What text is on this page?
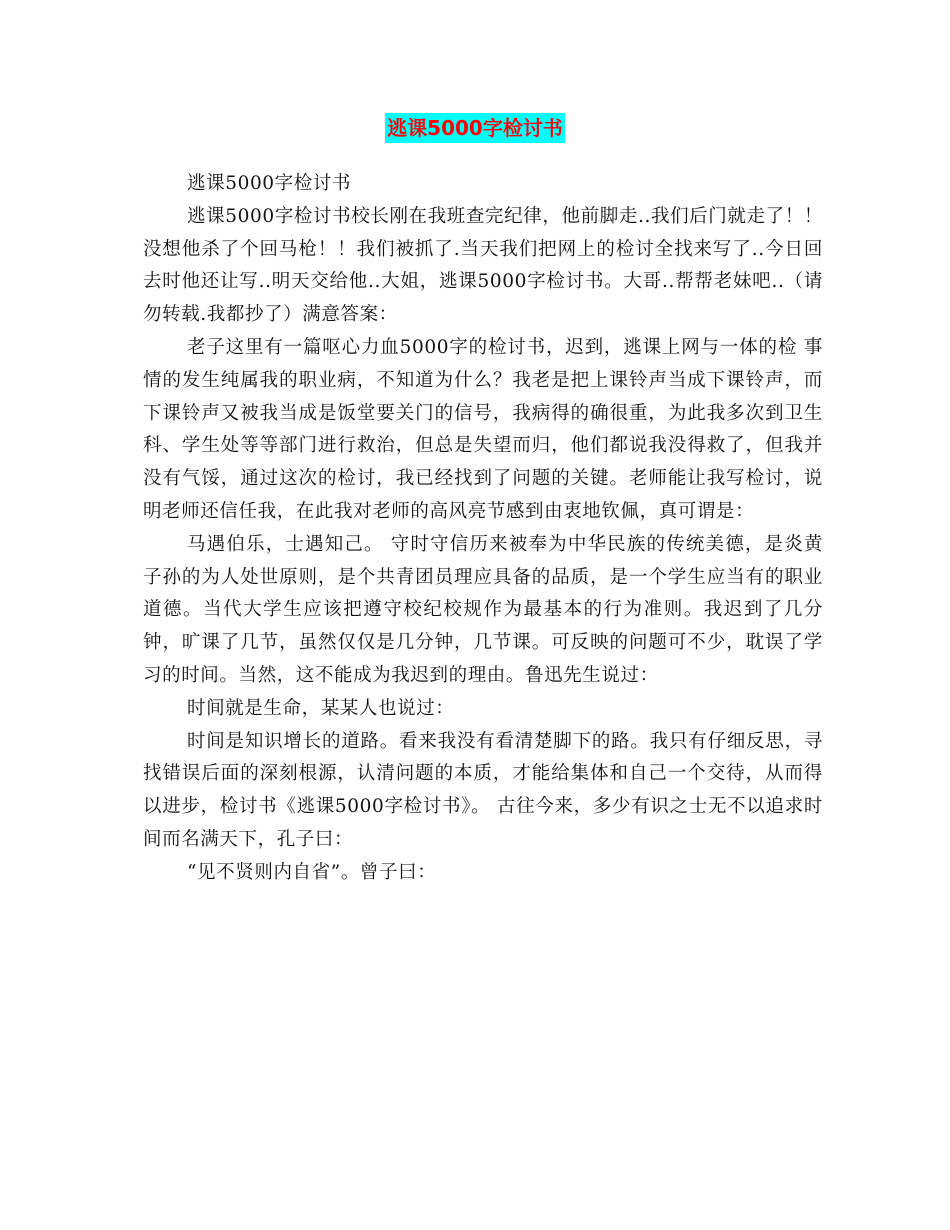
逃课5000字检讨书

逃课5000字检讨书

逃课5000字检讨书校长刚在我班查完纪律，他前脚走..我们后门就走了！！没想他杀了个回马枪！！我们被抓了.当天我们把网上的检讨全找来写了..今日回去时他还让写..明天交给他..大姐，逃课5000字检讨书。大哥..帮帮老妹吧..（请勿转载.我都抄了）满意答案：

老子这里有一篇呕心力血5000字的检讨书，迟到，逃课上网与一体的检 事情的发生纯属我的职业病，不知道为什么？我老是把上课铃声当成下课铃声，而下课铃声又被我当成是饭堂要关门的信号，我病得的确很重，为此我多次到卫生科、学生处等等部门进行救治，但总是失望而归，他们都说我没得救了，但我并没有气馁，通过这次的检讨，我已经找到了问题的关键。老师能让我写检讨，说明老师还信任我，在此我对老师的高风亮节感到由衷地钦佩，真可谓是：

马遇伯乐，士遇知己。 守时守信历来被奉为中华民族的传统美德，是炎黄子孙的为人处世原则，是个共青团员理应具备的品质，是一个学生应当有的职业道德。当代大学生应该把遵守校纪校规作为最基本的行为准则。我迟到了几分钟，旷课了几节，虽然仅仅是几分钟，几节课。可反映的问题可不少，耽误了学习的时间。当然，这不能成为我迟到的理由。鲁迅先生说过：

时间就是生命，某某人也说过：

时间是知识增长的道路。看来我没有看清楚脚下的路。我只有仔细反思，寻找错误后面的深刻根源，认清问题的本质，才能给集体和自己一个交待，从而得以进步，检讨书《逃课5000字检讨书》。 古往今来，多少有识之士无不以追求时间而名满天下，孔子曰：

“见不贤则内自省”。曾子曰：
